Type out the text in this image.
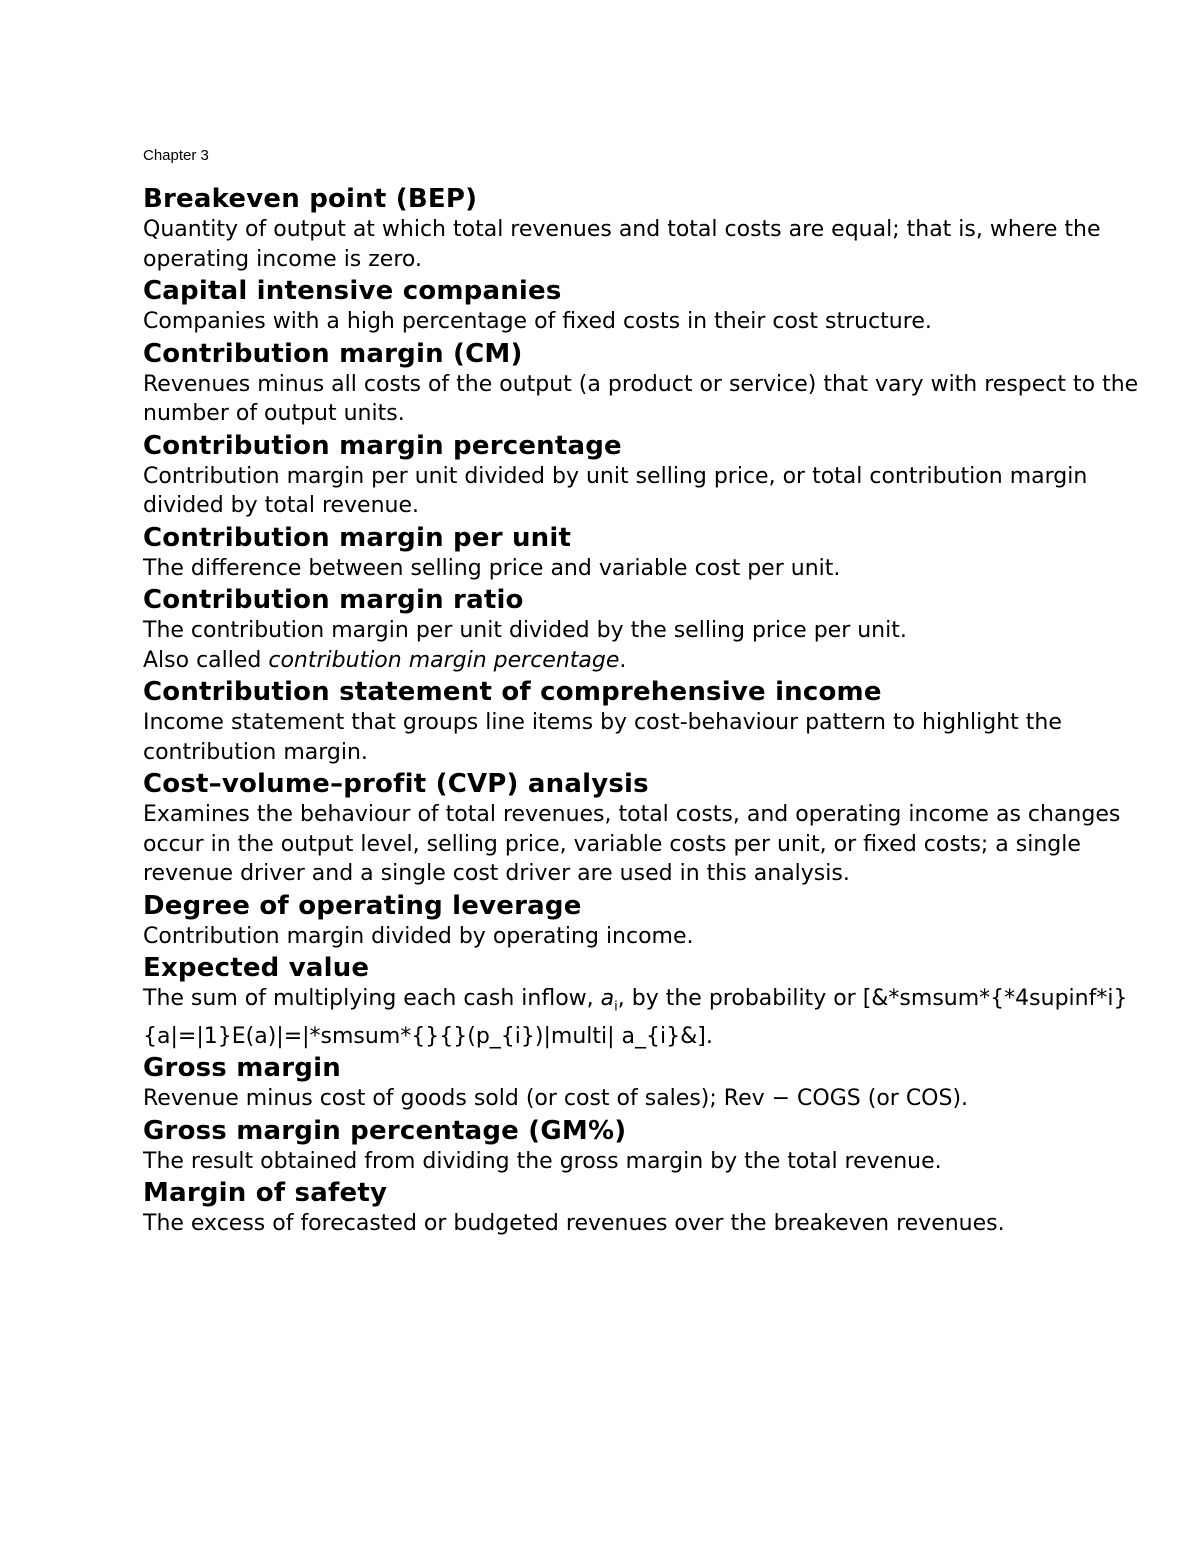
Chapter 3
Breakeven point (BEP)
Quantity of output at which total revenues and total costs are equal; that is, where the operating income is zero.
Capital intensive companies
Companies with a high percentage of fixed costs in their cost structure.
Contribution margin (CM)
Revenues minus all costs of the output (a product or service) that vary with respect to the number of output units.
Contribution margin percentage
Contribution margin per unit divided by unit selling price, or total contribution margin divided by total revenue.
Contribution margin per unit
The difference between selling price and variable cost per unit.
Contribution margin ratio
The contribution margin per unit divided by the selling price per unit.
Also called contribution margin percentage.
Contribution statement of comprehensive income
Income statement that groups line items by cost-behaviour pattern to highlight the contribution margin.
Cost–volume–profit (CVP) analysis
Examines the behaviour of total revenues, total costs, and operating income as changes occur in the output level, selling price, variable costs per unit, or fixed costs; a single revenue driver and a single cost driver are used in this analysis.
Degree of operating leverage
Contribution margin divided by operating income.
Expected value
The sum of multiplying each cash inflow, $a_i$, by the probability or [&*smsum*{*4supinf*i}{a|=|1}E(a)|=|*smsum*{}{}(p_{i})|multi| a_{i}&].
Gross margin
Revenue minus cost of goods sold (or cost of sales); Rev − COGS (or COS).
Gross margin percentage (GM%)
The result obtained from dividing the gross margin by the total revenue.
Margin of safety
The excess of forecasted or budgeted revenues over the breakeven revenues.
